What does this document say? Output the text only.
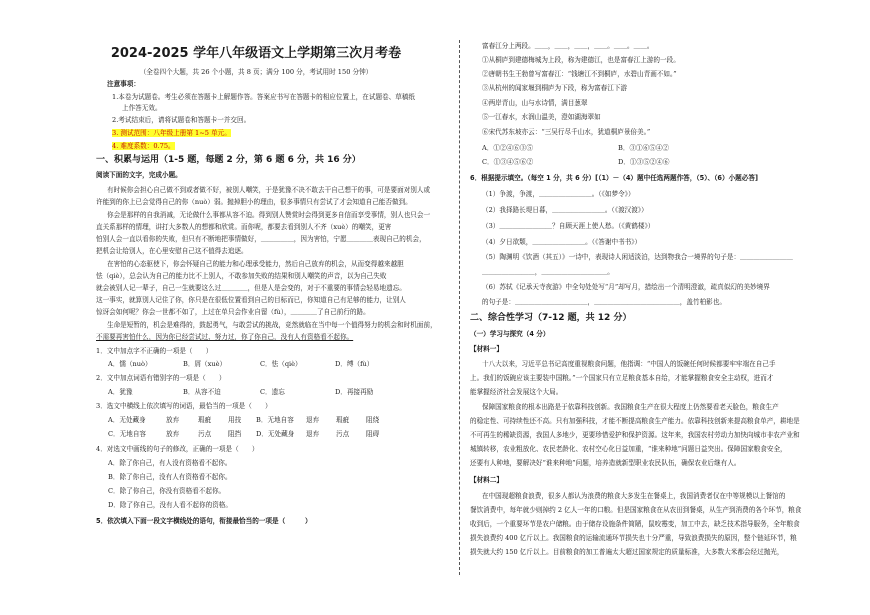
2024-2025 学年八年级语文上学期第三次月考卷
（全卷四个大题，共 26 个小题，共 8 页；满分 100 分，考试用时 150 分钟）
注意事项：
1.本卷为试题卷。考生必须在答题卡上解题作答。答案应书写在答题卡的相应位置上，在试题卷、草稿纸
上作答无效。
2.考试结束后，请将试题卷和答题卡一并交回。
3. 测试范围：八年级上册第 1~5 单元。
4. 难度系数：0.75。
一、积累与运用（1-5 题，每题 2 分，第 6 题 6 分，共 16 分）
阅读下面的文字，完成小题。
有时候你会担心自己做不到或者做不好，被别人嘲笑，于是犹豫不决不敢去干自己想干的事，可是要面对别人或
许能到的你上已会觉得自己的你（nuò）弱。抛掉胆小的理由，很多事情只有尝试了才会知道自己能否做到。
你会是那样的自我消减，无论做什么事都从容不迫。得到别人赞赏时会得到更多自信而享受事情，别人也只会一
直关系那样的情理，讲打大多数人的想都和欣赏。而你呢，都要去看到别人不齐（xuè）的嘲笑，更害
怕别人会一直以看你的失败，但只有不断地把事情做好，＿＿＿＿＿，因为害怕，宁愿＿＿＿＿表现自己的机会，
把机会让给别人，在心里安慰自己这不值得去追逐。
在害怕的心态驱使下，你会怀疑自己的能力和心理承受能力，然后自己放弃的机会，从而变得越来越胆
怯（qiè），总会认为自己的能力比不上别人，不敢参加失败的结果和别人嘲笑的声音，以为自己失败
就会被别人记一辈子，自己一生就要这么过＿＿＿＿，但是人是会变的，对于不重要的事情会轻易地遗忘。
这一事实，就算别人记住了你，你只是在很低位置看到自己的目标而已，你知道自己有足够的能力，让别人
惊讶会如何呢？你会一世都不如了，上过在单只会作业自留（fù），＿＿＿＿了自己前行的路。
生命是短暂的，机会是难得的，鼓起勇气，与敢尝试的挑战，竞然就临在当中每一个值得努力的机会和时机面前，
不需要再害怕什么，因为你已经尝试过、努力过，你了你自己，没有人有资格看不起你。
1．文中加点字不正确的一项是（　　）
A．懦（nuò）	B．屑（xuè）	C．怯（qiè）	D．缚（fù）
2．文中加点词语有错别字的一项是（　　）
A．犹豫	B．从容不迫	C．遗忘	D．再接再励
3．选文中横线上依次填写的词语，最恰当的一项是（　　）
A．无处藏身	放弃	瑕疵	用技 B．无地自容 退弃	瑕疵	阻绕
C．无地自容	放弃	污点	阻挡 D．无处藏身 退弃	污点	阻碍
4．对选文中画线的句子的修改，正确的一项是（　　）
A．除了你自己，有人没有资格看不起你。
B．除了你自己，没有人有资格看不起你。
C．除了你自己，你没有资格看不起你。
D．除了你自己，没有人看不起你的资格。
5．依次填入下面一段文字横线处的语句，衔接最恰当的一项是（　　　）
富春江分上两段。＿＿，＿＿，＿＿，＿＿。＿＿。＿＿。
①从桐庐到建德梅城为上段，称为建德江，也是富春江上游的一段。
②唐朝书生王勃曾写富春江：“钱塘江不到桐庐，水碧山青画不如。”
③从杭州的闻家堰到桐庐为下段，称为富春江下游
④两岸青山，山与水诗情，满目葱翠
⑤一江春水，水润山温美，澄如湖海翠如
⑥宋代苏东坡亦云：“三吴行尽千山水，犹道桐庐景倍美。”
A．①②④⑥③⑤	B．③①⑥⑤④②
C．①③④⑤⑥②	D．①③⑤②④⑥
6．根据提示填空。（每空 1 分，共 6 分）[（1）－（4）题中任选两题作答，（5）、（6）小题必答]
（1）争渡，争渡，＿＿＿＿＿＿＿＿。（《如梦令》）
（2）我择路长堤日暮，＿＿＿＿＿＿＿＿。（《渡汉渡》）
（3）＿＿＿＿＿＿＿＿？自顾天涯上使人愁。（《黄鹤楼》）
（4）夕日欲颓，＿＿＿＿＿＿＿＿。（《答谢中书书》）
（5）陶渊明《饮酒（其五）》一诗中，表现诗人闲适淡泊，达到物我合一境界的句子是：＿＿＿＿＿＿＿＿
＿＿＿＿＿＿＿＿，＿＿＿＿＿＿＿＿＿＿。
（6）苏轼《记承天寺夜游》中全句处处写“月”却写月，措绘出一个清明澄澈，疏真似幻的美妙境界
的句子是：＿＿＿＿＿＿＿＿＿＿＿，＿＿＿＿＿＿＿＿＿＿＿＿＿，盖竹柏影也。
二、综合性学习（7-12 题，共 12 分）
（一）学习与探究（4 分）
【材料一】
十八大以来，习近平总书记高度重视粮食问题，他指调：“中国人的饭碗任何时候都要牢牢端在自己手
上。我们的饭碗应该主要装中国粮。”一个国家只有立足粮食基本自给，才能掌握粮食安全主动权，进而才
能掌握经济社会发展这个大局。
保障国家粮食的根本出路是于依靠科技创新。我国粮食生产在很大程度上仍然要看老天脸色，粮食生产
的稳定性、可持续性还不高。只有加强科技，才能不断提高粮食生产能力。依靠科技创新来提高粮食单产，耕地是
不可再生的稀缺资源，我国人多地少，更要珍惜爱护和保护资源。这年来，我国农村劳动力加快向城市非农产业和
城镇转移，农业粗放化、农民老龄化、农村空心化日益加重，“谁来种地”问题日益突出。保障国家粮食安全，
还要有人种地，要解决好“谁来种地”问题，培养造就新型职业农民队伍，确保农业后继有人。
【材料二】
在中国现超粮食浪费，很多人都认为浪费的粮食大多发生在餐桌上，我国消费者仅在中等规模以上餐馆的
餐饮消费中，每年就少则掉约 2 亿人一年的口粮。但是国家粮食在从农田到餐桌，从生产到消费的各个环节，粮食
收到后，一个重要环节是农户储粮。由于储存设施条件简陋，鼠咬霉变，加工中去，缺乏技术指导服务，全年粮食
损失浪费约 400 亿斤以上。我国粮食的运输流通环节损失也十分严重，导致浪费损失的原因，整个链延环节，粮
损失就大约 150 亿斤以上。目前粮食的加工普遍太大超过国家规定的质量标准，大多数大米都会经过抛光，
